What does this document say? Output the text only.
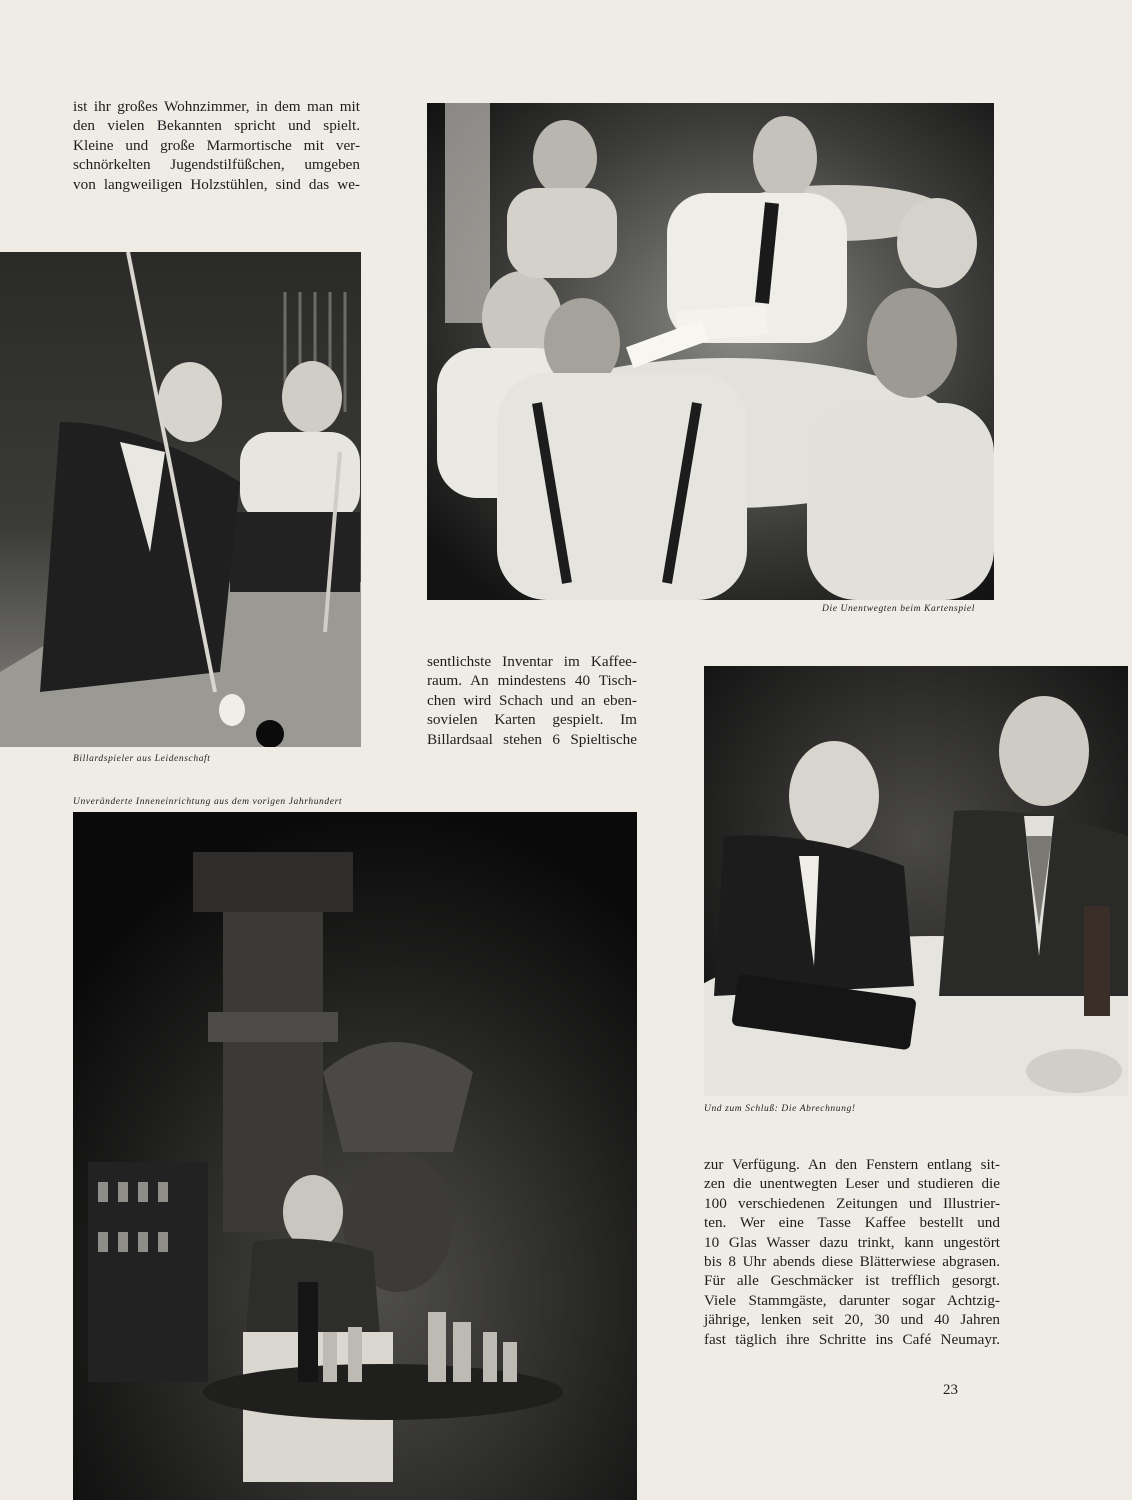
ist ihr großes Wohnzimmer, in dem man mit
den vielen Bekannten spricht und spielt.
Kleine und große Marmortische mit ver-
schnörkelten Jugendstilfüßchen, umgeben
von langweiligen Holzstühlen, sind das we-
Die Unentwegten beim Kartenspiel
Billardspieler aus Leidenschaft
sentlichste Inventar im Kaffee-
raum. An mindestens 40 Tisch-
chen wird Schach und an eben-
sovielen Karten gespielt. Im
Billardsaal stehen 6 Spieltische
Und zum Schluß: Die Abrechnung!
Unveränderte Inneneinrichtung aus dem vorigen Jahrhundert
zur Verfügung. An den Fenstern entlang sit-
zen die unentwegten Leser und studieren die
100 verschiedenen Zeitungen und Illustrier-
ten. Wer eine Tasse Kaffee bestellt und
10 Glas Wasser dazu trinkt, kann ungestört
bis 8 Uhr abends diese Blätterwiese abgrasen.
Für alle Geschmäcker ist trefflich gesorgt.
Viele Stammgäste, darunter sogar Achtzig-
jährige, lenken seit 20, 30 und 40 Jahren
fast täglich ihre Schritte ins Café Neumayr.
23
